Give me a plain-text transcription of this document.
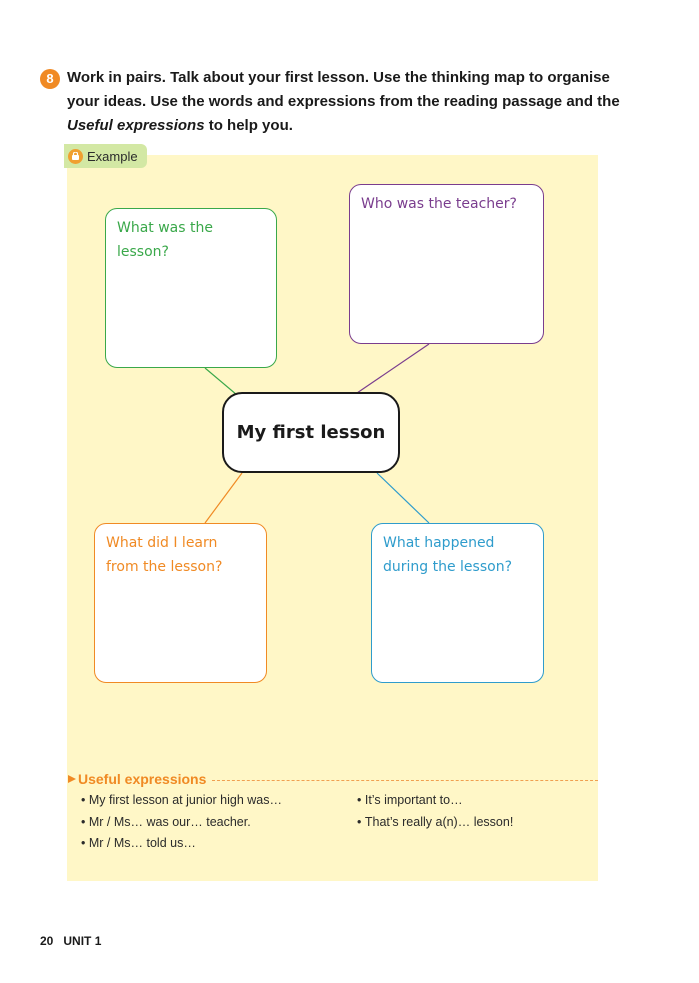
8 Work in pairs. Talk about your first lesson. Use the thinking map to organise your ideas. Use the words and expressions from the reading passage and the Useful expressions to help you.
Example
What was the lesson?
Who was the teacher?
What did I learn
from the lesson?
What happened
during the lesson?
My first lesson
Useful expressions
• My first lesson at junior high was…
• Mr / Ms… was our… teacher.
• Mr / Ms… told us…
• It’s important to…
• That’s really a(n)… lesson!
20 UNIT 1
